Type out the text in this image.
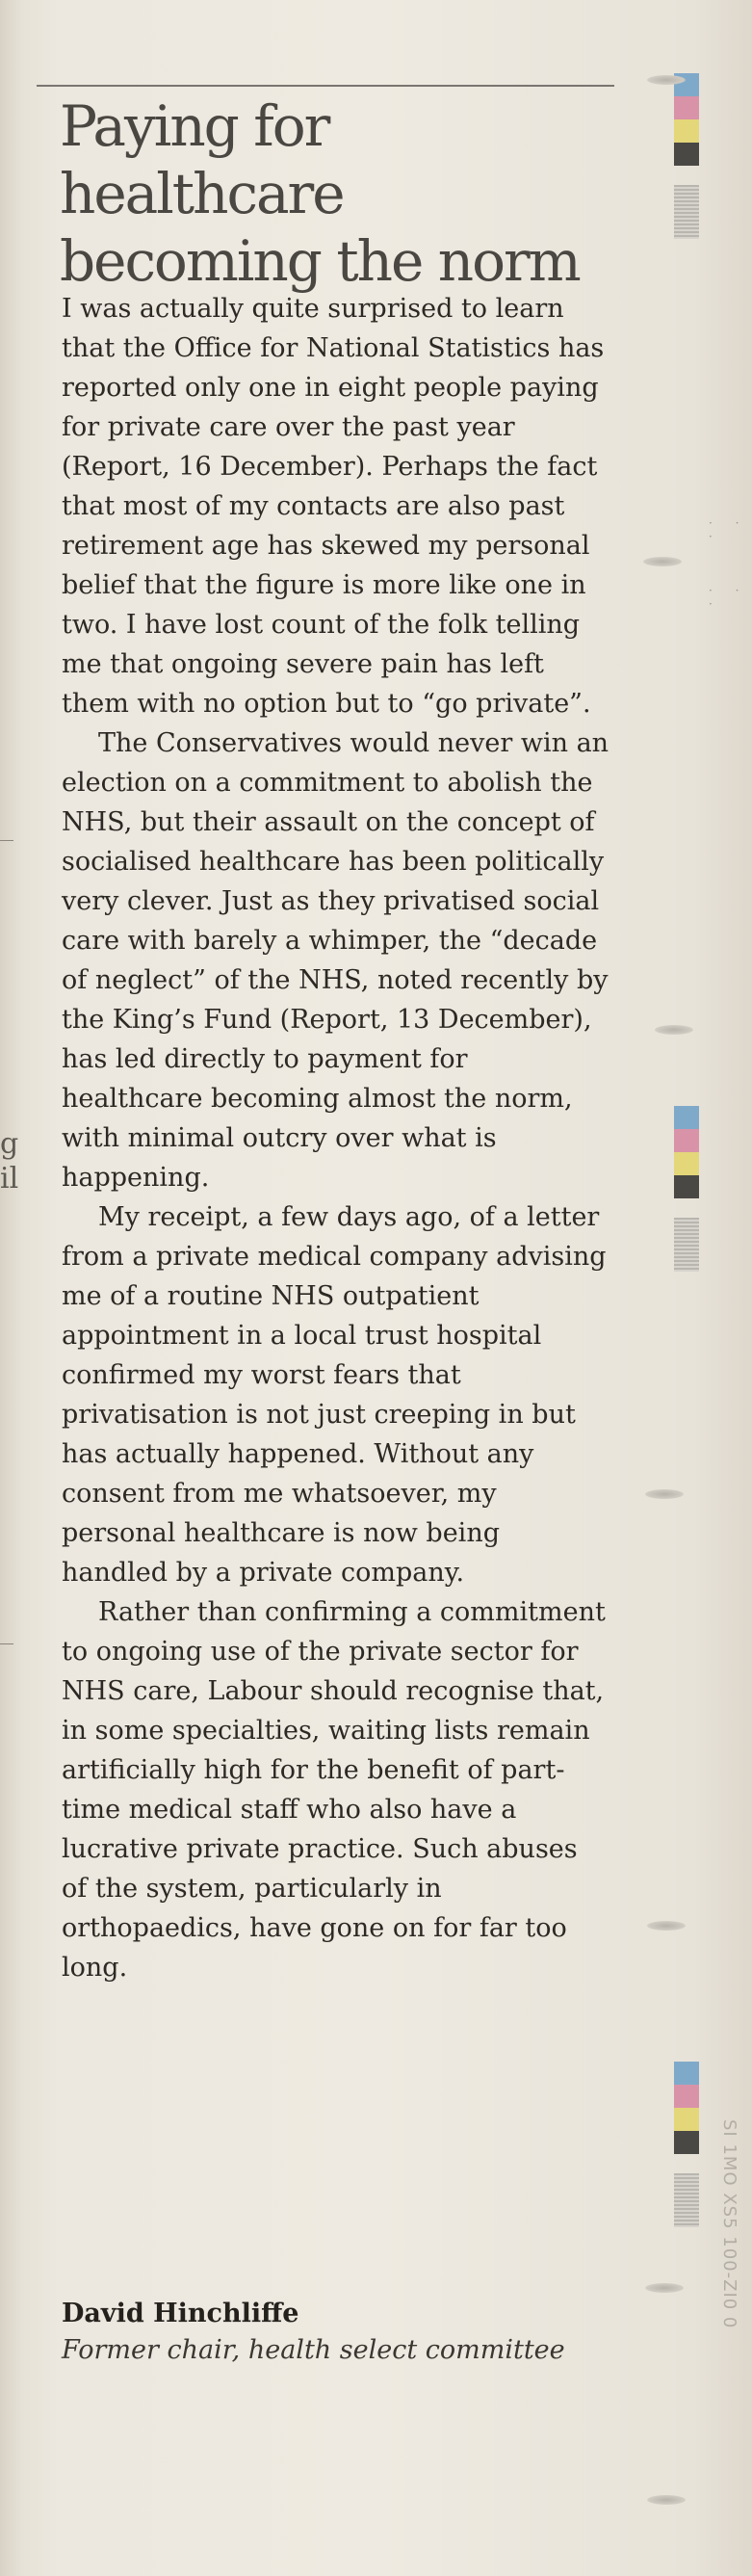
g
il
Paying for healthcare becoming the norm

I was actually quite surprised to learn that the Office for National Statistics has reported only one in eight people paying for private care over the past year (Report, 16 December). Perhaps the fact that most of my contacts are also past retirement age has skewed my personal belief that the figure is more like one in two. I have lost count of the folk telling me that ongoing severe pain has left them with no option but to “go private”.

The Conservatives would never win an election on a commitment to abolish the NHS, but their assault on the concept of socialised healthcare has been politically very clever. Just as they privatised social care with barely a whimper, the “decade of neglect” of the NHS, noted recently by the King’s Fund (Report, 13 December), has led directly to payment for healthcare becoming almost the norm, with minimal outcry over what is happening.

My receipt, a few days ago, of a letter from a private medical company advising me of a routine NHS outpatient appointment in a local trust hospital confirmed my worst fears that privatisation is not just creeping in but has actually happened. Without any consent from me whatsoever, my personal healthcare is now being handled by a private company.

Rather than confirming a commitment to ongoing use of the private sector for NHS care, Labour should recognise that, in some specialties, waiting lists remain artificially high for the benefit of part-time medical staff who also have a lucrative private practice. Such abuses of the system, particularly in orthopaedics, have gone on for far too long.

David Hinchliffe
Former chair, health select committee
· · ·
· · ·
SI 1MO XS5 100-ZI0 0
